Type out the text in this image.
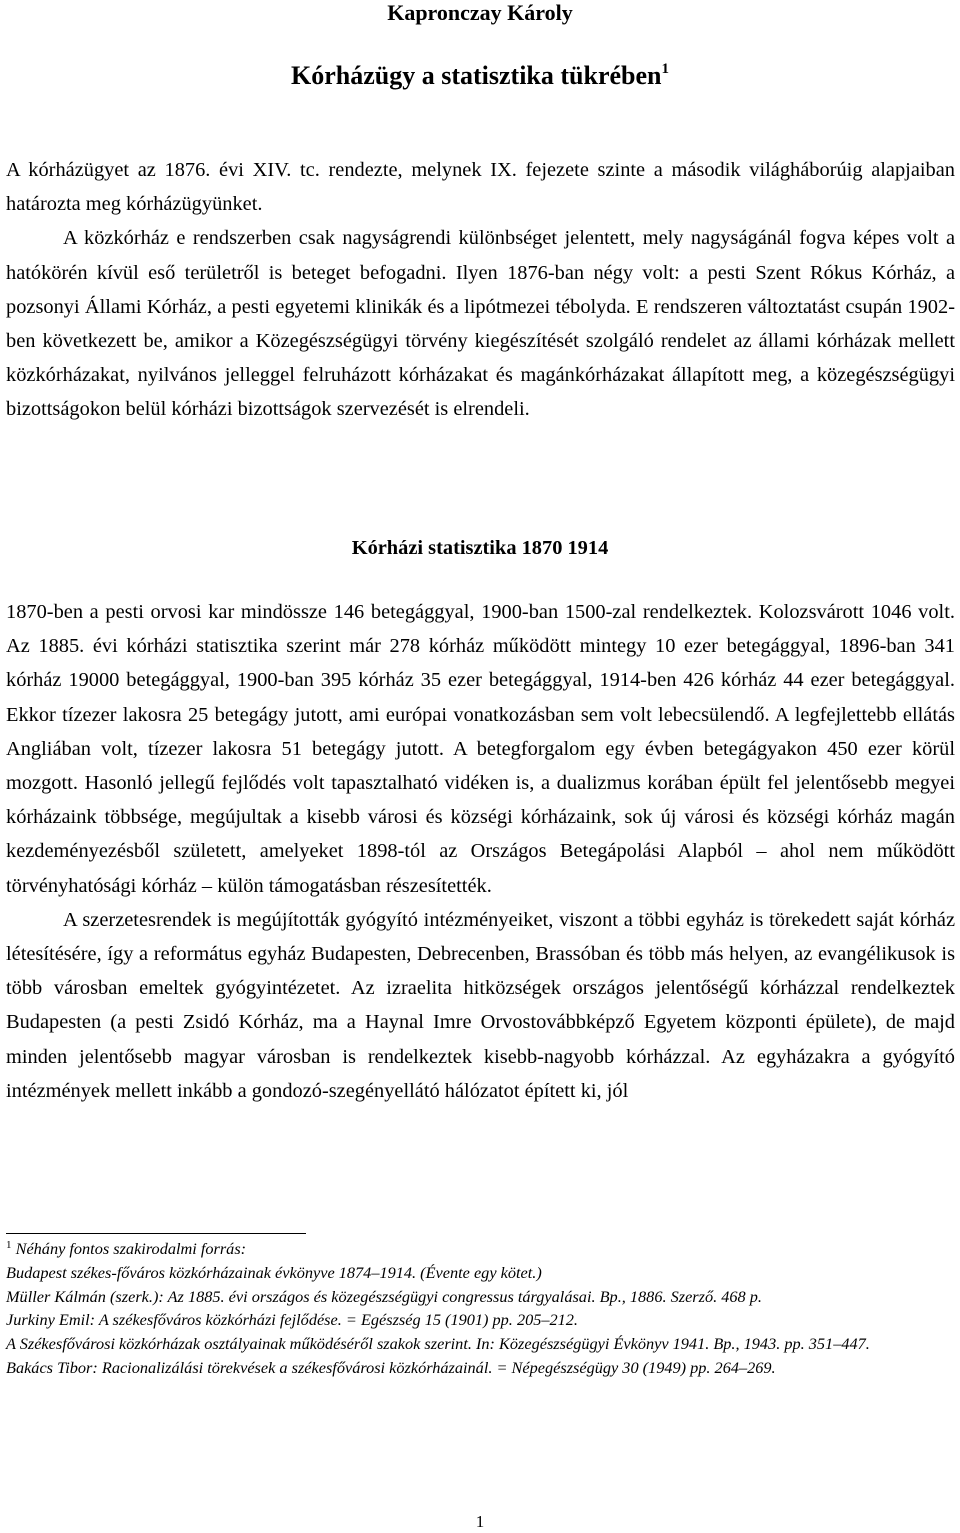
Kapronczay Károly
Kórházügy a statisztika tükrében$^1$

A kórházügyet az 1876. évi XIV. tc. rendezte, melynek IX. fejezete szinte a második világháborúig alapjaiban határozta meg kórházügyünket.

A közkórház e rendszerben csak nagyságrendi különbséget jelentett, mely nagyságánál fogva képes volt a hatókörén kívül eső területről is beteget befogadni. Ilyen 1876-ban négy volt: a pesti Szent Rókus Kórház, a pozsonyi Állami Kórház, a pesti egyetemi klinikák és a lipótmezei tébolyda. E rendszeren változtatást csupán 1902-ben következett be, amikor a Közegészségügyi törvény kiegészítését szolgáló rendelet az állami kórházak mellett közkórházakat, nyilvános jelleggel felruházott kórházakat és magánkórházakat állapított meg, a közegészségügyi bizottságokon belül kórházi bizottságok szervezését is elrendeli.

Kórházi statisztika 1870 1914

1870-ben a pesti orvosi kar mindössze 146 betegággyal, 1900-ban 1500-zal rendelkeztek. Kolozsvárott 1046 volt. Az 1885. évi kórházi statisztika szerint már 278 kórház működött mintegy 10 ezer betegággyal, 1896-ban 341 kórház 19000 betegággyal, 1900-ban 395 kórház 35 ezer betegággyal, 1914-ben 426 kórház 44 ezer betegággyal. Ekkor tízezer lakosra 25 betegágy jutott, ami európai vonatkozásban sem volt lebecsülendő. A legfejlettebb ellátás Angliában volt, tízezer lakosra 51 betegágy jutott. A betegforgalom egy évben betegágyakon 450 ezer körül mozgott. Hasonló jellegű fejlődés volt tapasztalható vidéken is, a dualizmus korában épült fel jelentősebb megyei kórházaink többsége, megújultak a kisebb városi és községi kórházaink, sok új városi és községi kórház magán kezdeményezésből született, amelyeket 1898-tól az Országos Betegápolási Alapból – ahol nem működött törvényhatósági kórház – külön támogatásban részesítették.

A szerzetesrendek is megújították gyógyító intézményeiket, viszont a többi egyház is törekedett saját kórház létesítésére, így a református egyház Budapesten, Debrecenben, Brassóban és több más helyen, az evangélikusok is több városban emeltek gyógyintézetet. Az izraelita hitközségek országos jelentőségű kórházzal rendelkeztek Budapesten (a pesti Zsidó Kórház, ma a Haynal Imre Orvostovábbképző Egyetem központi épülete), de majd minden jelentősebb magyar városban is rendelkeztek kisebb-nagyobb kórházzal. Az egyházakra a gyógyító intézmények mellett inkább a gondozó-szegényellátó hálózatot épített ki, jól

$^1$ Néhány fontos szakirodalmi forrás:

Budapest székes-főváros közkórházainak évkönyve 1874–1914. (Évente egy kötet.)

Müller Kálmán (szerk.): Az 1885. évi országos és közegészségügyi congressus tárgyalásai. Bp., 1886. Szerző. 468 p.

Jurkiny Emil: A székesfőváros közkórházi fejlődése. = Egészség 15 (1901) pp. 205–212.

A Székesfővárosi közkórházak osztályainak működéséről szakok szerint. In: Közegészségügyi Évkönyv 1941. Bp., 1943. pp. 351–447.

Bakács Tibor: Racionalizálási törekvések a székesfővárosi közkórházainál. = Népegészségügy 30 (1949) pp. 264–269.

1
